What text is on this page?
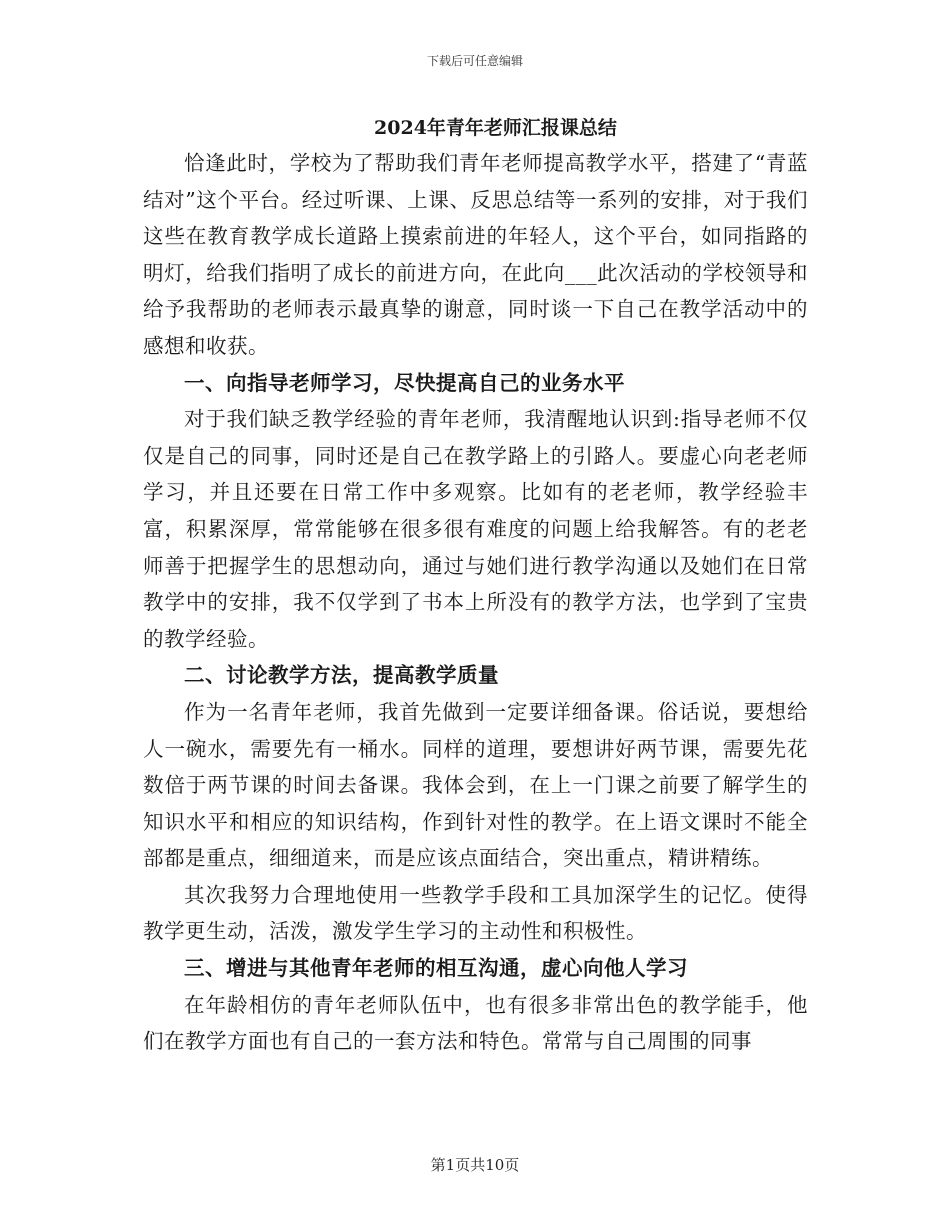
下载后可任意编辑
2024年青年老师汇报课总结

恰逢此时，学校为了帮助我们青年老师提高教学水平，搭建了“青蓝结对”这个平台。经过听课、上课、反思总结等一系列的安排，对于我们这些在教育教学成长道路上摸索前进的年轻人，这个平台，如同指路的明灯，给我们指明了成长的前进方向，在此向___此次活动的学校领导和给予我帮助的老师表示最真挚的谢意，同时谈一下自己在教学活动中的感想和收获。

一、向指导老师学习，尽快提高自己的业务水平

对于我们缺乏教学经验的青年老师，我清醒地认识到:指导老师不仅仅是自己的同事，同时还是自己在教学路上的引路人。要虚心向老老师学习，并且还要在日常工作中多观察。比如有的老老师，教学经验丰富，积累深厚，常常能够在很多很有难度的问题上给我解答。有的老老师善于把握学生的思想动向，通过与她们进行教学沟通以及她们在日常教学中的安排，我不仅学到了书本上所没有的教学方法，也学到了宝贵的教学经验。

二、讨论教学方法，提高教学质量

作为一名青年老师，我首先做到一定要详细备课。俗话说，要想给人一碗水，需要先有一桶水。同样的道理，要想讲好两节课，需要先花数倍于两节课的时间去备课。我体会到，在上一门课之前要了解学生的知识水平和相应的知识结构，作到针对性的教学。在上语文课时不能全部都是重点，细细道来，而是应该点面结合，突出重点，精讲精练。

其次我努力合理地使用一些教学手段和工具加深学生的记忆。使得教学更生动，活泼，激发学生学习的主动性和积极性。

三、增进与其他青年老师的相互沟通，虚心向他人学习

在年龄相仿的青年老师队伍中，也有很多非常出色的教学能手，他们在教学方面也有自己的一套方法和特色。常常与自己周围的同事

第1页共10页
